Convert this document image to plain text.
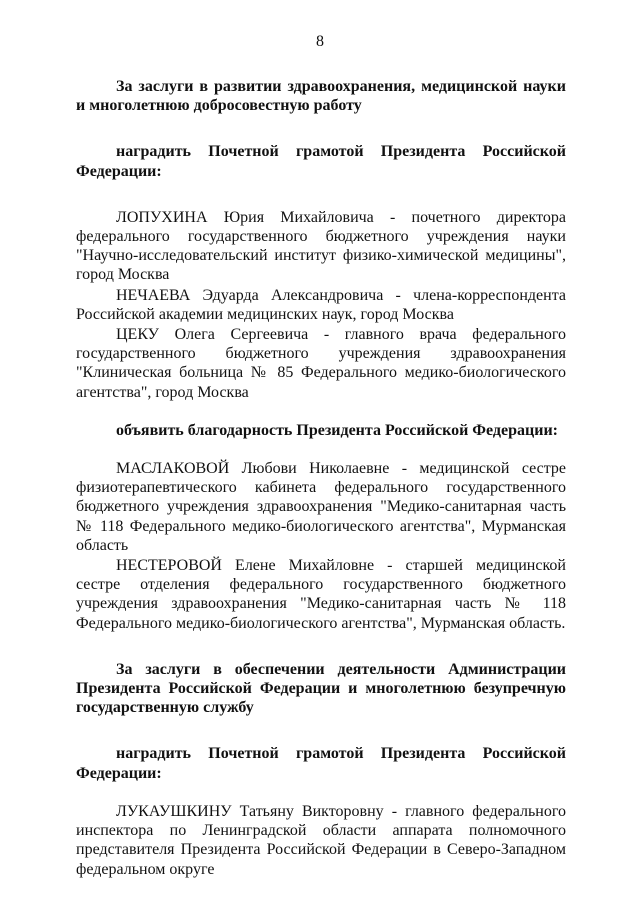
8

За заслуги в развитии здравоохранения, медицинской науки и многолетнюю добросовестную работу

наградить Почетной грамотой Президента Российской Федерации:

ЛОПУХИНА Юрия Михайловича - почетного директора федерального государственного бюджетного учреждения науки "Научно-исследовательский институт физико-химической медицины", город Москва

НЕЧАЕВА Эдуарда Александровича - члена-корреспондента Российской академии медицинских наук, город Москва

ЦЕКУ Олега Сергеевича - главного врача федерального государственного бюджетного учреждения здравоохранения "Клиническая больница № 85 Федерального медико-биологического агентства", город Москва

объявить благодарность Президента Российской Федерации:

МАСЛАКОВОЙ Любови Николаевне - медицинской сестре физиотерапевтического кабинета федерального государственного бюджетного учреждения здравоохранения "Медико-санитарная часть № 118 Федерального медико-биологического агентства", Мурманская область

НЕСТЕРОВОЙ Елене Михайловне - старшей медицинской сестре отделения федерального государственного бюджетного учреждения здравоохранения "Медико-санитарная часть № 118 Федерального медико-биологического агентства", Мурманская область.

За заслуги в обеспечении деятельности Администрации Президента Российской Федерации и многолетнюю безупречную государственную службу

наградить Почетной грамотой Президента Российской Федерации:

ЛУКАУШКИНУ Татьяну Викторовну - главного федерального инспектора по Ленинградской области аппарата полномочного представителя Президента Российской Федерации в Северо-Западном федеральном округе
